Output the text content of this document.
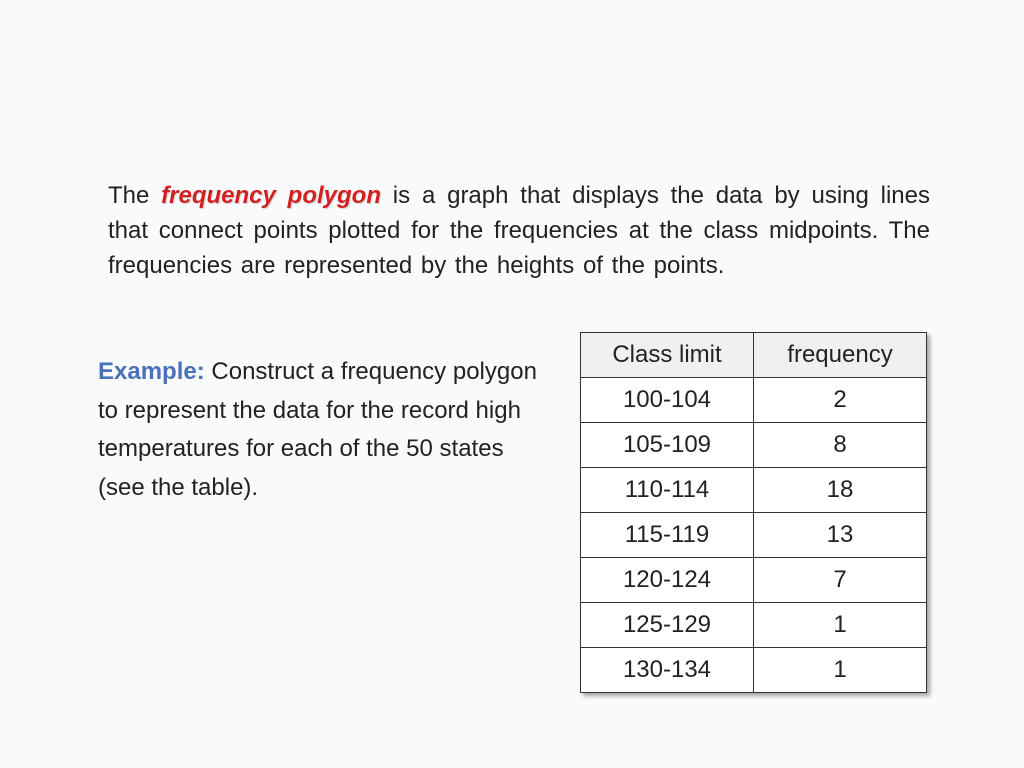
The frequency polygon is a graph that displays the data by using lines that connect points plotted for the frequencies at the class midpoints. The frequencies are represented by the heights of the points.

Example: Construct a frequency polygon to represent the data for the record high temperatures for each of the 50 states (see the table).

Class limit	frequency
100-104	2
105-109	8
110-114	18
115-119	13
120-124	7
125-129	1
130-134	1
